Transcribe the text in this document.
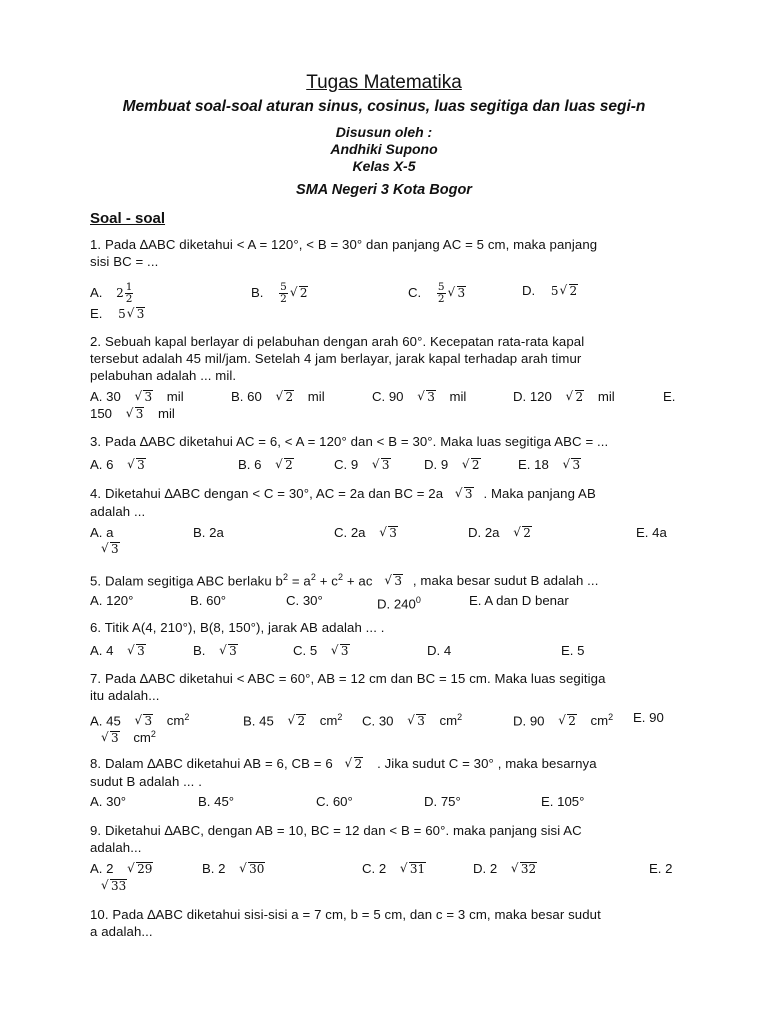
Tugas Matematika
Membuat soal-soal aturan sinus, cosinus, luas segitiga dan luas segi-n
Disusun oleh :
Andhiki Supono
Kelas X-5
SMA Negeri 3 Kota Bogor
Soal - soal
1. Pada ∆ABC diketahui < A = 120°, < B = 30° dan panjang AC = 5 cm, maka panjang
sisi BC = ...
A. $2 \frac{1}{2}$	B. $\frac{5}{2}$ √ 2	C. $\frac{5}{2}$ √ 3	D. 5 √ 2
E. 5 √ 3
2. Sebuah kapal berlayar di pelabuhan dengan arah 60°. Kecepatan rata-rata kapal
tersebut adalah 45 mil/jam. Setelah 4 jam berlayar, jarak kapal terhadap arah timur
pelabuhan adalah ... mil.
A. 30 √ 3 mil	B. 60 √ 2 mil	C. 90 √ 3 mil	D. 120 √ 2 mil	E.
150 √ 3 mil
3. Pada ∆ABC diketahui AC = 6, < A = 120° dan < B = 30°. Maka luas segitiga ABC = ...
A. 6 √ 3	B. 6 √ 2	C. 9 √ 3	D. 9 √ 2	E. 18 √ 3
4. Diketahui ∆ABC dengan < C = 30°, AC = 2a dan BC = 2a √ 3 . Maka panjang AB
adalah ...
A. a	B. 2a	C. 2a √ 3	D. 2a √ 2	E. 4a
√ 3
5. Dalam segitiga ABC berlaku $b^2 = a^2 + c^2$ + ac √ 3 , maka besar sudut B adalah ...
A. 120°	B. 60°	C. 30°	D. $240^0$	E. A dan D benar
6. Titik A(4, 210°), B(8, 150°), jarak AB adalah ... .
A. 4 √ 3	B. √ 3	C. 5 √ 3	D. 4	E. 5
7. Pada ∆ABC diketahui < ABC = 60°, AB = 12 cm dan BC = 15 cm. Maka luas segitiga
itu adalah...
A. 45 √ 3 $cm^2$	B. 45 √ 2 $cm^2$ C. 30 √ 3 $cm^2$	D. 90 √ 2 $cm^2$ E. 90
√ 3 $cm^2$
8. Dalam ∆ABC diketahui AB = 6, CB = 6 √ 2 . Jika sudut C = 30° , maka besarnya
sudut B adalah ... .
A. 30°	B. 45°	C. 60°	D. 75°	E. 105°
9. Diketahui ∆ABC, dengan AB = 10, BC = 12 dan < B = 60°. maka panjang sisi AC
adalah...
A. 2 √ 29	B. 2 √ 30	C. 2 √ 31	D. 2 √ 32	E. 2
√ 33
10. Pada ∆ABC diketahui sisi-sisi a = 7 cm, b = 5 cm, dan c = 3 cm, maka besar sudut
a adalah...
